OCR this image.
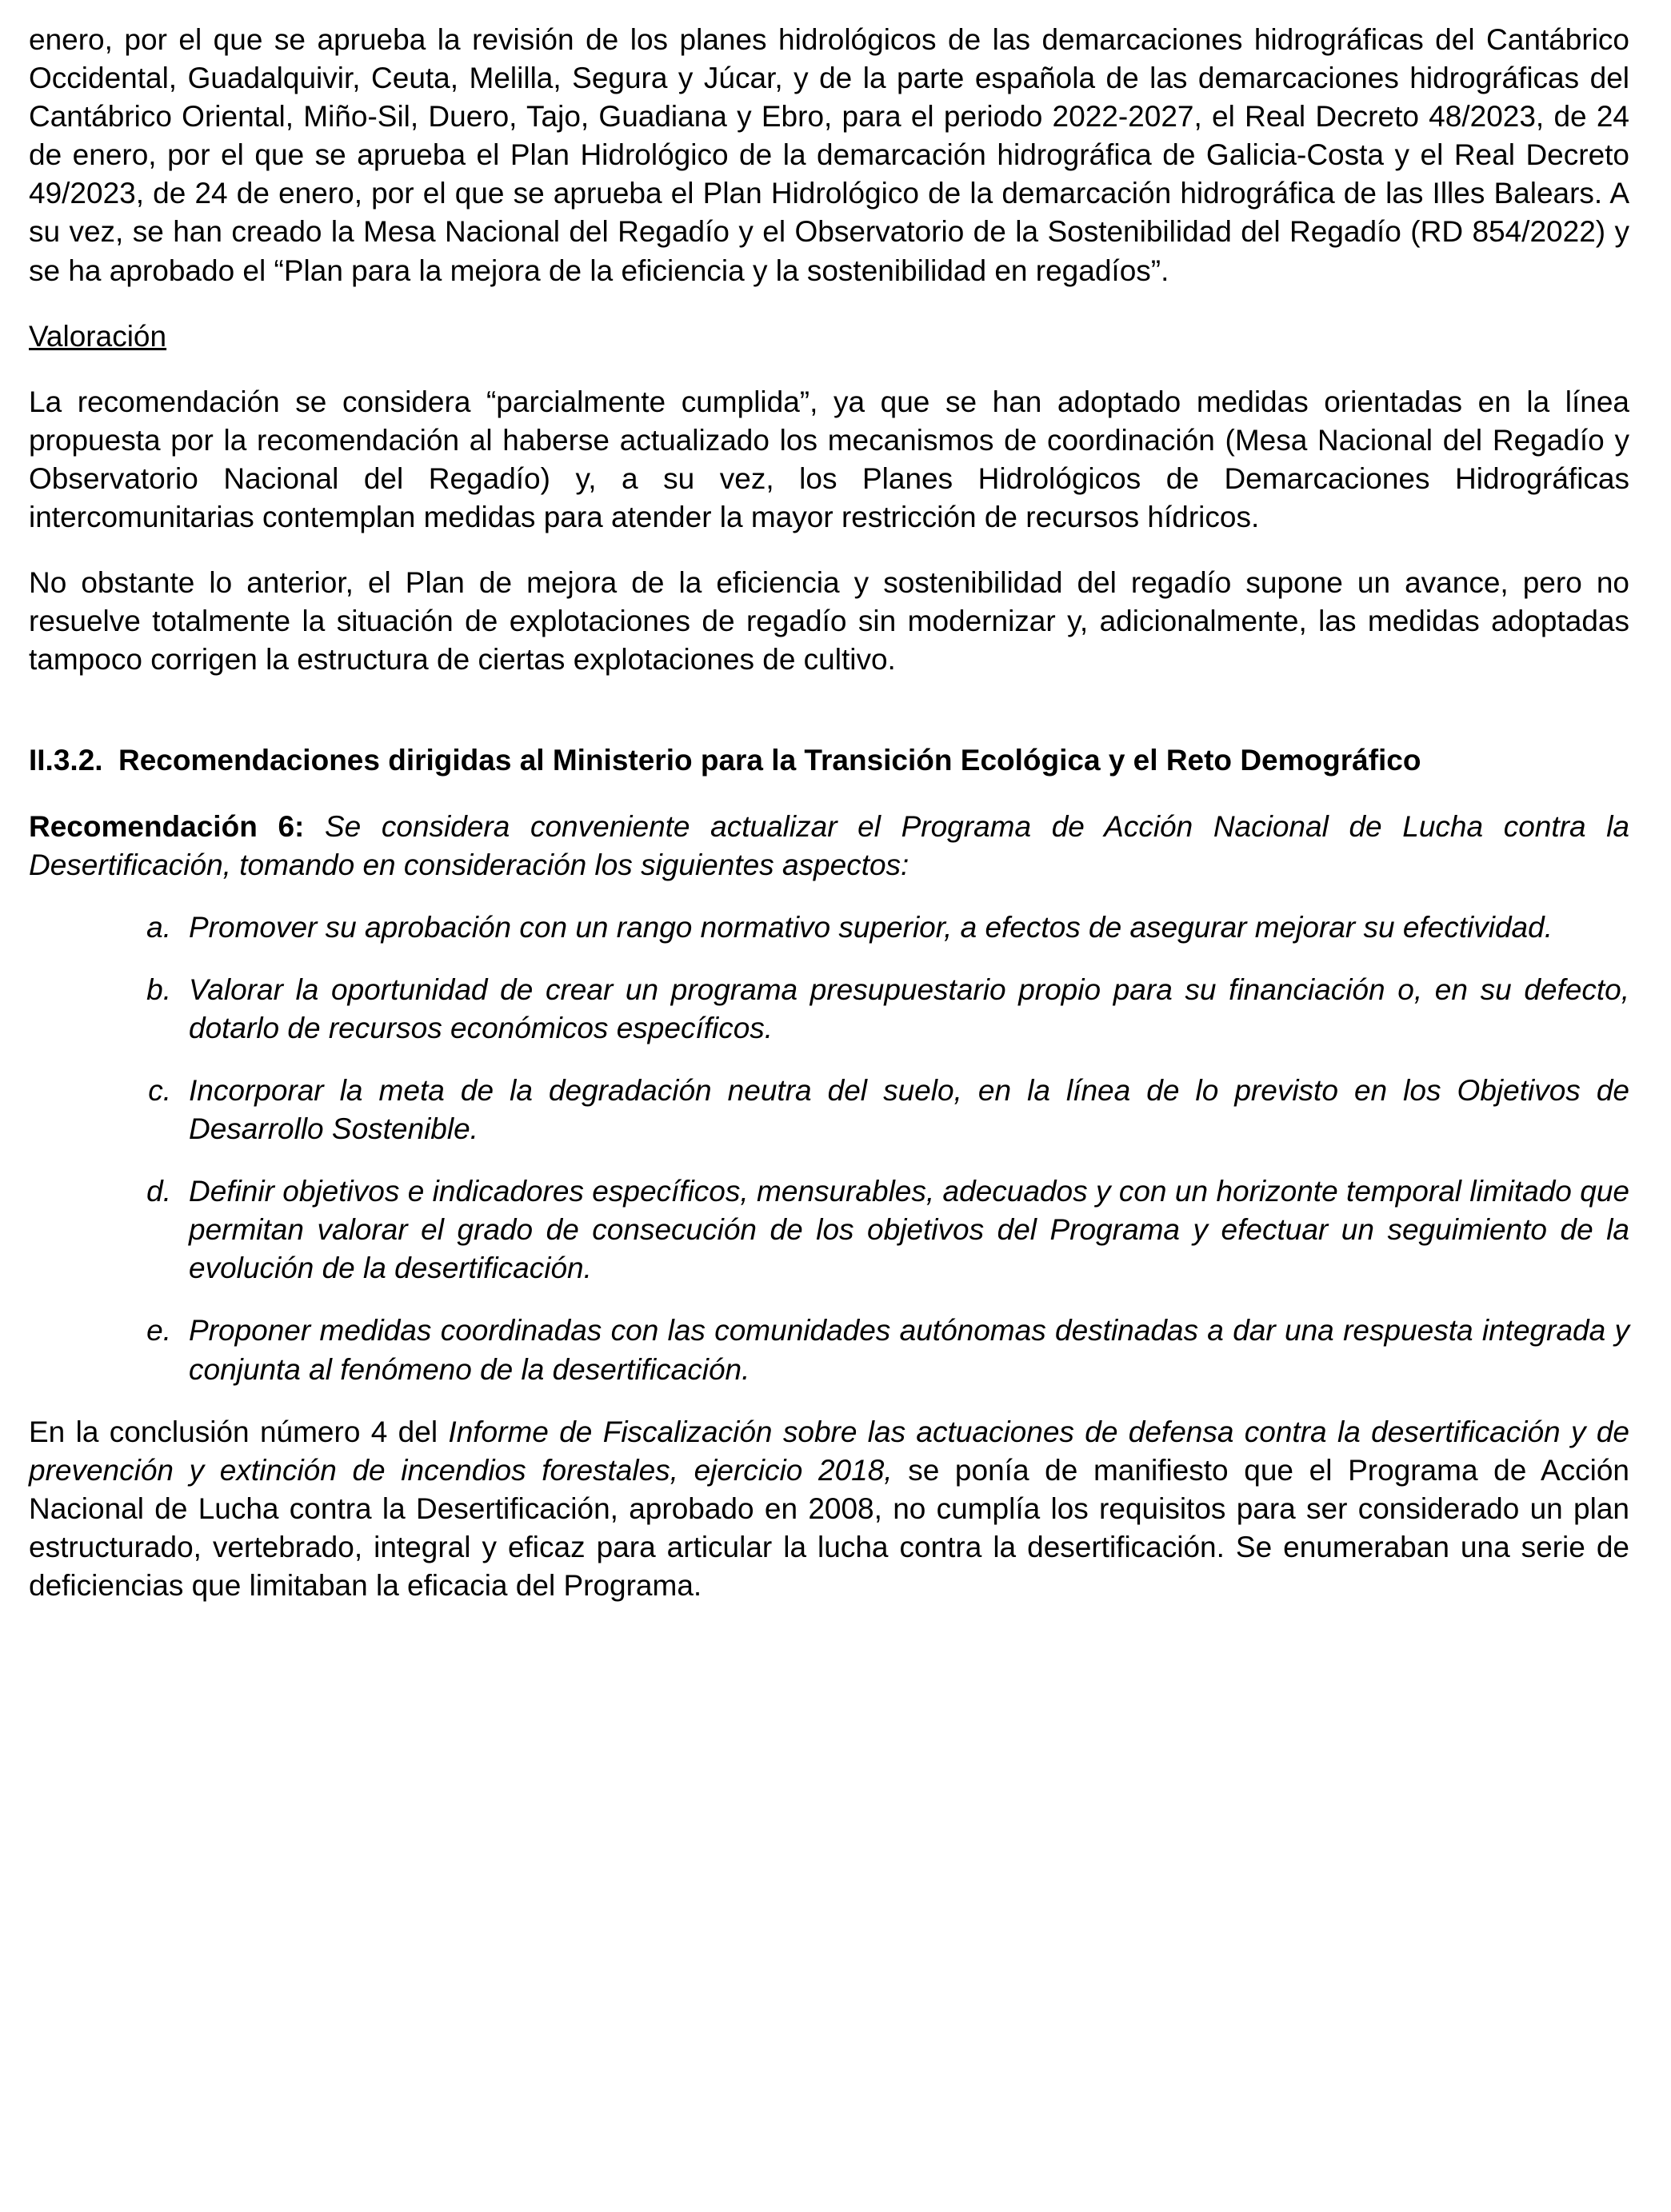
enero, por el que se aprueba la revisión de los planes hidrológicos de las demarcaciones hidrográficas del Cantábrico Occidental, Guadalquivir, Ceuta, Melilla, Segura y Júcar, y de la parte española de las demarcaciones hidrográficas del Cantábrico Oriental, Miño-Sil, Duero, Tajo, Guadiana y Ebro, para el periodo 2022-2027, el Real Decreto 48/2023, de 24 de enero, por el que se aprueba el Plan Hidrológico de la demarcación hidrográfica de Galicia-Costa y el Real Decreto 49/2023, de 24 de enero, por el que se aprueba el Plan Hidrológico de la demarcación hidrográfica de las Illes Balears. A su vez, se han creado la Mesa Nacional del Regadío y el Observatorio de la Sostenibilidad del Regadío (RD 854/2022) y se ha aprobado el “Plan para la mejora de la eficiencia y la sostenibilidad en regadíos”.

Valoración

La recomendación se considera “parcialmente cumplida”, ya que se han adoptado medidas orientadas en la línea propuesta por la recomendación al haberse actualizado los mecanismos de coordinación (Mesa Nacional del Regadío y Observatorio Nacional del Regadío) y, a su vez, los Planes Hidrológicos de Demarcaciones Hidrográficas intercomunitarias contemplan medidas para atender la mayor restricción de recursos hídricos.

No obstante lo anterior, el Plan de mejora de la eficiencia y sostenibilidad del regadío supone un avance, pero no resuelve totalmente la situación de explotaciones de regadío sin modernizar y, adicionalmente, las medidas adoptadas tampoco corrigen la estructura de ciertas explotaciones de cultivo.

II.3.2. Recomendaciones dirigidas al Ministerio para la Transición Ecológica y el Reto Demográfico

Recomendación 6: Se considera conveniente actualizar el Programa de Acción Nacional de Lucha contra la Desertificación, tomando en consideración los siguientes aspectos:

a. Promover su aprobación con un rango normativo superior, a efectos de asegurar mejorar su efectividad.
b. Valorar la oportunidad de crear un programa presupuestario propio para su financiación o, en su defecto, dotarlo de recursos económicos específicos.
c. Incorporar la meta de la degradación neutra del suelo, en la línea de lo previsto en los Objetivos de Desarrollo Sostenible.
d. Definir objetivos e indicadores específicos, mensurables, adecuados y con un horizonte temporal limitado que permitan valorar el grado de consecución de los objetivos del Programa y efectuar un seguimiento de la evolución de la desertificación.
e. Proponer medidas coordinadas con las comunidades autónomas destinadas a dar una respuesta integrada y conjunta al fenómeno de la desertificación.

En la conclusión número 4 del Informe de Fiscalización sobre las actuaciones de defensa contra la desertificación y de prevención y extinción de incendios forestales, ejercicio 2018, se ponía de manifiesto que el Programa de Acción Nacional de Lucha contra la Desertificación, aprobado en 2008, no cumplía los requisitos para ser considerado un plan estructurado, vertebrado, integral y eficaz para articular la lucha contra la desertificación. Se enumeraban una serie de deficiencias que limitaban la eficacia del Programa.
